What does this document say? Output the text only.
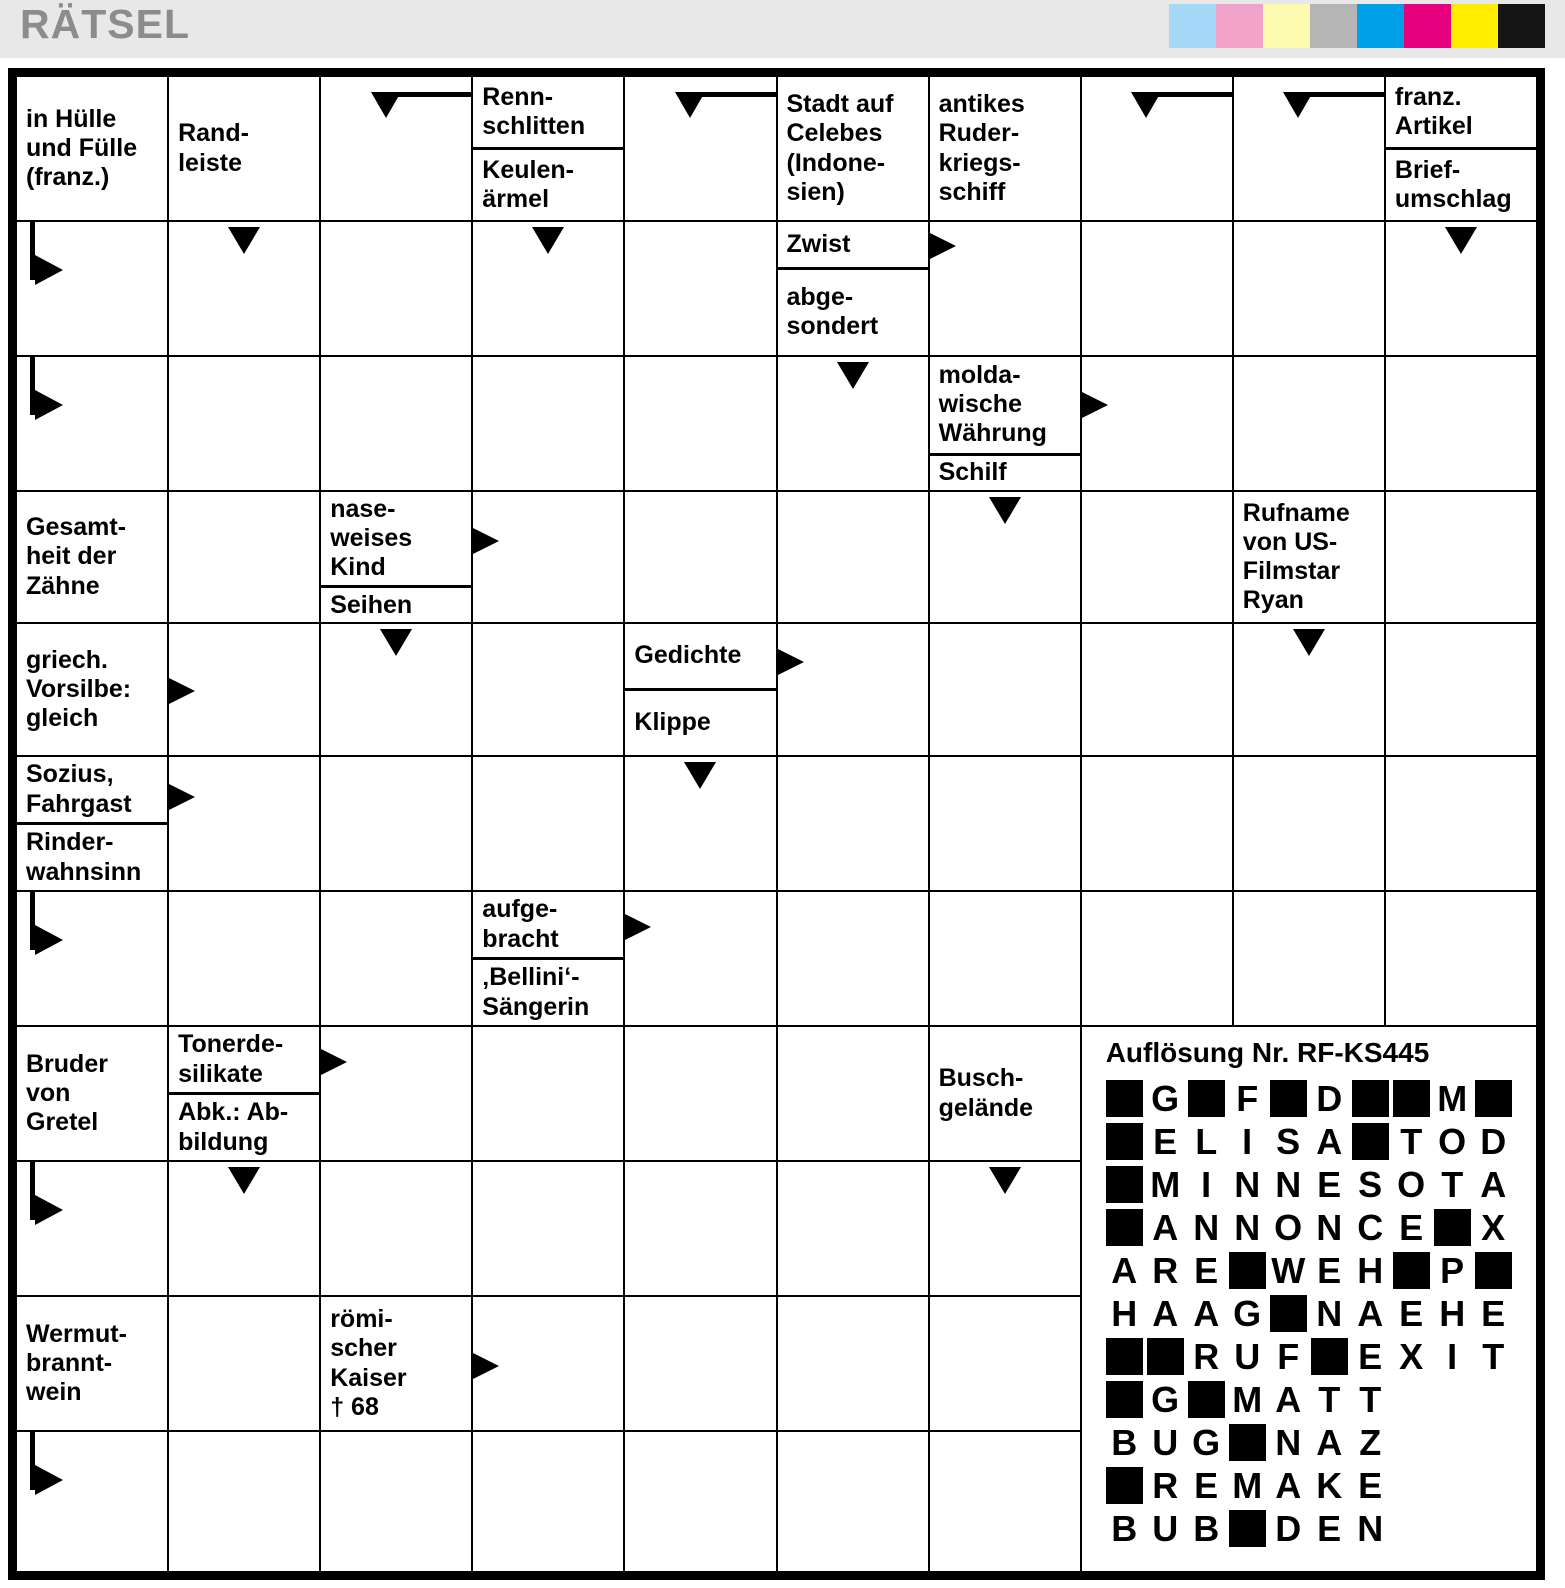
RÄTSEL
in Hülle
und Fülle
(franz.)
Rand-
leiste
Renn-
schlitten
Keulen-
ärmel
Stadt auf
Celebes
(Indone-
sien)
antikes
Ruder-
kriegs-
schiff
franz.
Artikel
Brief-
umschlag
Zwist
abge-
sondert
molda-
wische
Währung
Schilf
Gesamt-
heit der
Zähne
nase-
weises
Kind
Seihen
Rufname
von US-
Filmstar
Ryan
griech.
Vorsilbe:
gleich
Gedichte
Klippe
Sozius,
Fahrgast
Rinder-
wahnsinn
aufge-
bracht
‚Bellini‘-
Sängerin
Bruder
von
Gretel
Tonerde-
silikate
Abk.: Ab-
bildung
Busch-
gelände
Auflösung Nr. RF-KS445
G F D	M
E L I S A T O D
M I N N E S O T A
A N N O N C E X
A R E W E H P
H A A G N A E H E
R U F E X I T
G M A T T
B U G N A Z
R E M A K E
B U B D E N
Wermut-
brannt-
wein
römi-
scher
Kaiser
† 68
